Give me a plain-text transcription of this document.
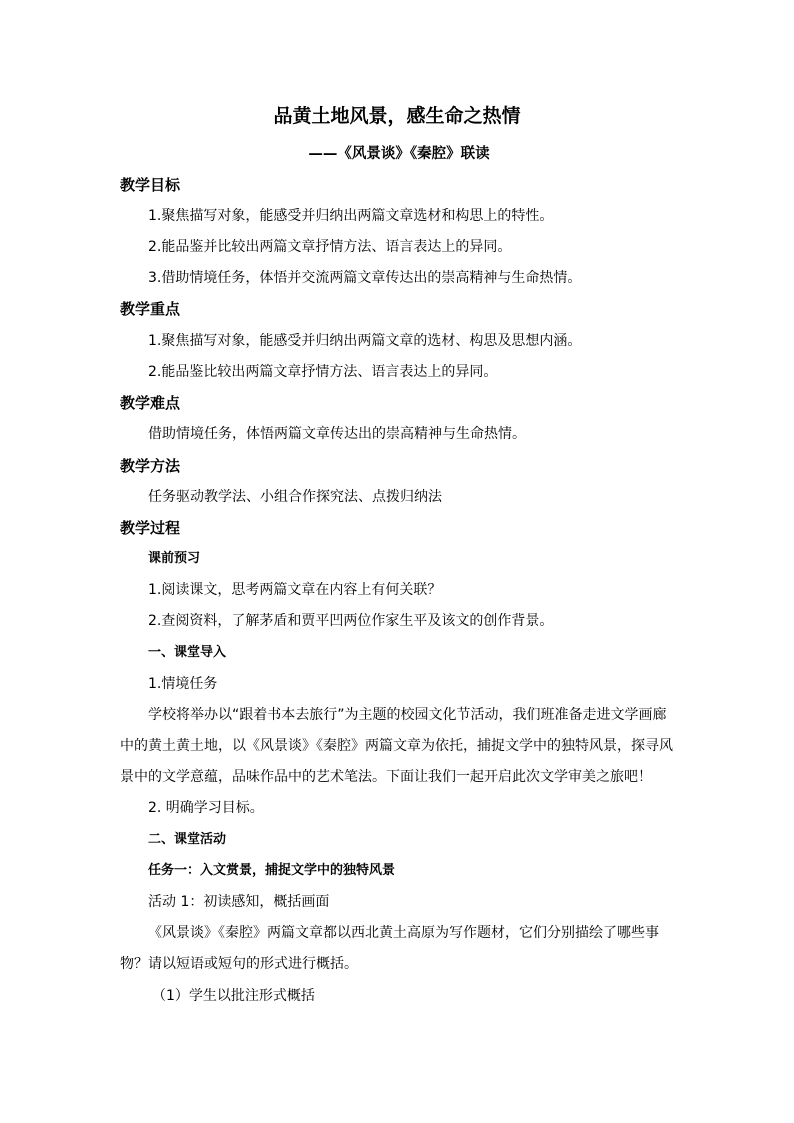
品黄土地风景，感生命之热情
——《风景谈》《秦腔》联读
教学目标
1.聚焦描写对象，能感受并归纳出两篇文章选材和构思上的特性。
2.能品鉴并比较出两篇文章抒情方法、语言表达上的异同。
3.借助情境任务，体悟并交流两篇文章传达出的崇高精神与生命热情。
教学重点
1.聚焦描写对象，能感受并归纳出两篇文章的选材、构思及思想内涵。
2.能品鉴比较出两篇文章抒情方法、语言表达上的异同。
教学难点
借助情境任务，体悟两篇文章传达出的崇高精神与生命热情。
教学方法
任务驱动教学法、小组合作探究法、点拨归纳法
教学过程
课前预习
1.阅读课文，思考两篇文章在内容上有何关联？
2.查阅资料，了解茅盾和贾平凹两位作家生平及该文的创作背景。
一、课堂导入
1.情境任务
学校将举办以“跟着书本去旅行”为主题的校园文化节活动，我们班准备走进文学画廊
中的黄土黄土地，以《风景谈》《秦腔》两篇文章为依托，捕捉文学中的独特风景，探寻风
景中的文学意蕴，品味作品中的艺术笔法。下面让我们一起开启此次文学审美之旅吧！
2. 明确学习目标。
二、课堂活动
任务一：入文赏景，捕捉文学中的独特风景
活动 1：初读感知，概括画面
《风景谈》《秦腔》两篇文章都以西北黄土高原为写作题材，它们分别描绘了哪些事
物？请以短语或短句的形式进行概括。
（1）学生以批注形式概括
